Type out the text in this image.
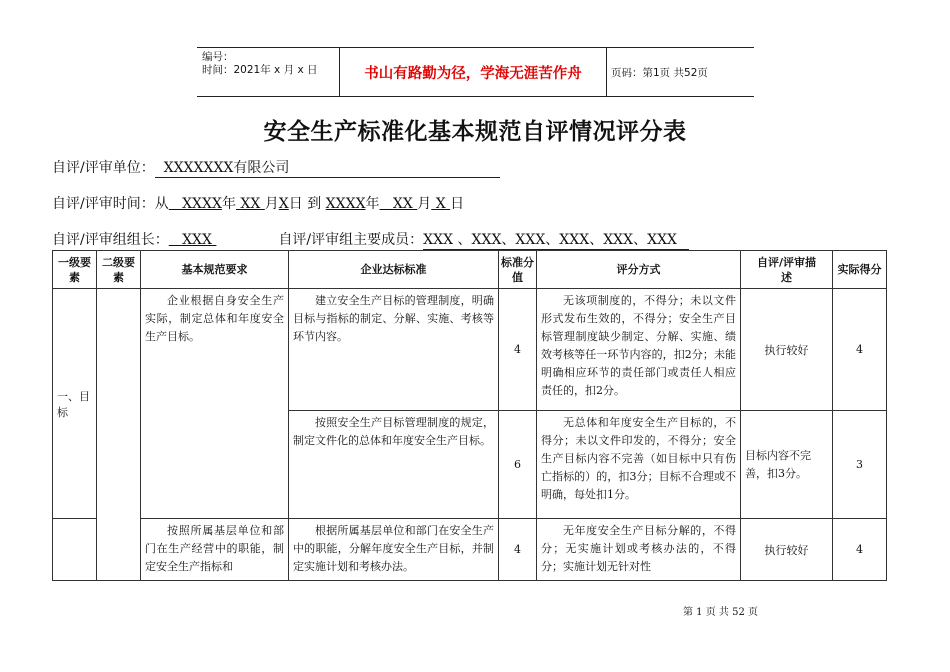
编号：
时间：2021年 x 月 x 日	书山有路勤为径，学海无涯苦作舟	页码：第1页 共52页
安全生产标准化基本规范自评情况评分表
自评/评审单位： XXXXXXX有限公司
自评/评审时间：从 XXXX年 XX 月X日 到 XXXX年 XX 月 X 日
自评/评审组组长： XXX	自评/评审组主要成员：XXX 、XXX、XXX、XXX、XXX、XXX
一级要素	二级要素	基本规范要求	企业达标标准	标准分值	评分方式	自评/评审描　　述	实际得分
一、目标		企业根据自身安全生产实际，制定总体和年度安全生产目标。	建立安全生产目标的管理制度，明确目标与指标的制定、分解、实施、考核等环节内容。	4	无该项制度的，不得分；未以文件形式发布生效的，不得分；安全生产目标管理制度缺少制定、分解、实施、绩效考核等任一环节内容的，扣2分；未能明确相应环节的责任部门或责任人相应责任的，扣2分。	执行较好	4

			按照安全生产目标管理制度的规定，制定文件化的总体和年度安全生产目标。	6	无总体和年度安全生产目标的，不得分；未以文件印发的，不得分；安全生产目标内容不完善（如目标中只有伤亡指标的）的，扣3分；目标不合理或不明确，每处扣1分。	目标内容不完善，扣3分。	3

		按照所属基层单位和部门在生产经营中的职能，制定安全生产指标和	根据所属基层单位和部门在安全生产中的职能，分解年度安全生产目标，并制定实施计划和考核办法。	4	无年度安全生产目标分解的，不得分；无实施计划或考核办法的，不得分；实施计划无针对性	执行较好	4
第 1 页 共 52 页
